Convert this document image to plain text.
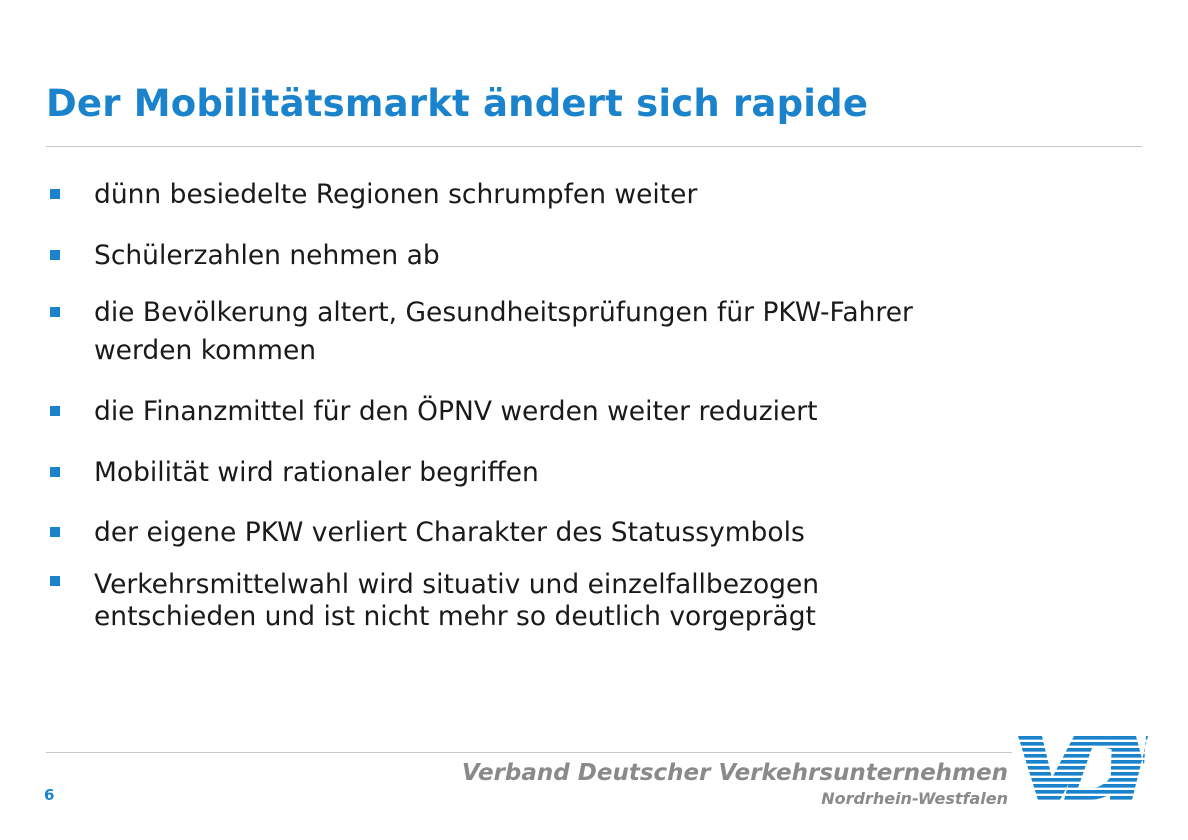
Der Mobilitätsmarkt ändert sich rapide
dünn besiedelte Regionen schrumpfen weiter
Schülerzahlen nehmen ab
die Bevölkerung altert, Gesundheitsprüfungen für PKW-Fahrer
werden kommen
die Finanzmittel für den ÖPNV werden weiter reduziert
Mobilität wird rationaler begriffen
der eigene PKW verliert Charakter des Statussymbols
Verkehrsmittelwahl wird situativ und einzelfallbezogen
entschieden und ist nicht mehr so deutlich vorgeprägt
6
Verband Deutscher Verkehrsunternehmen
Nordrhein-Westfalen
